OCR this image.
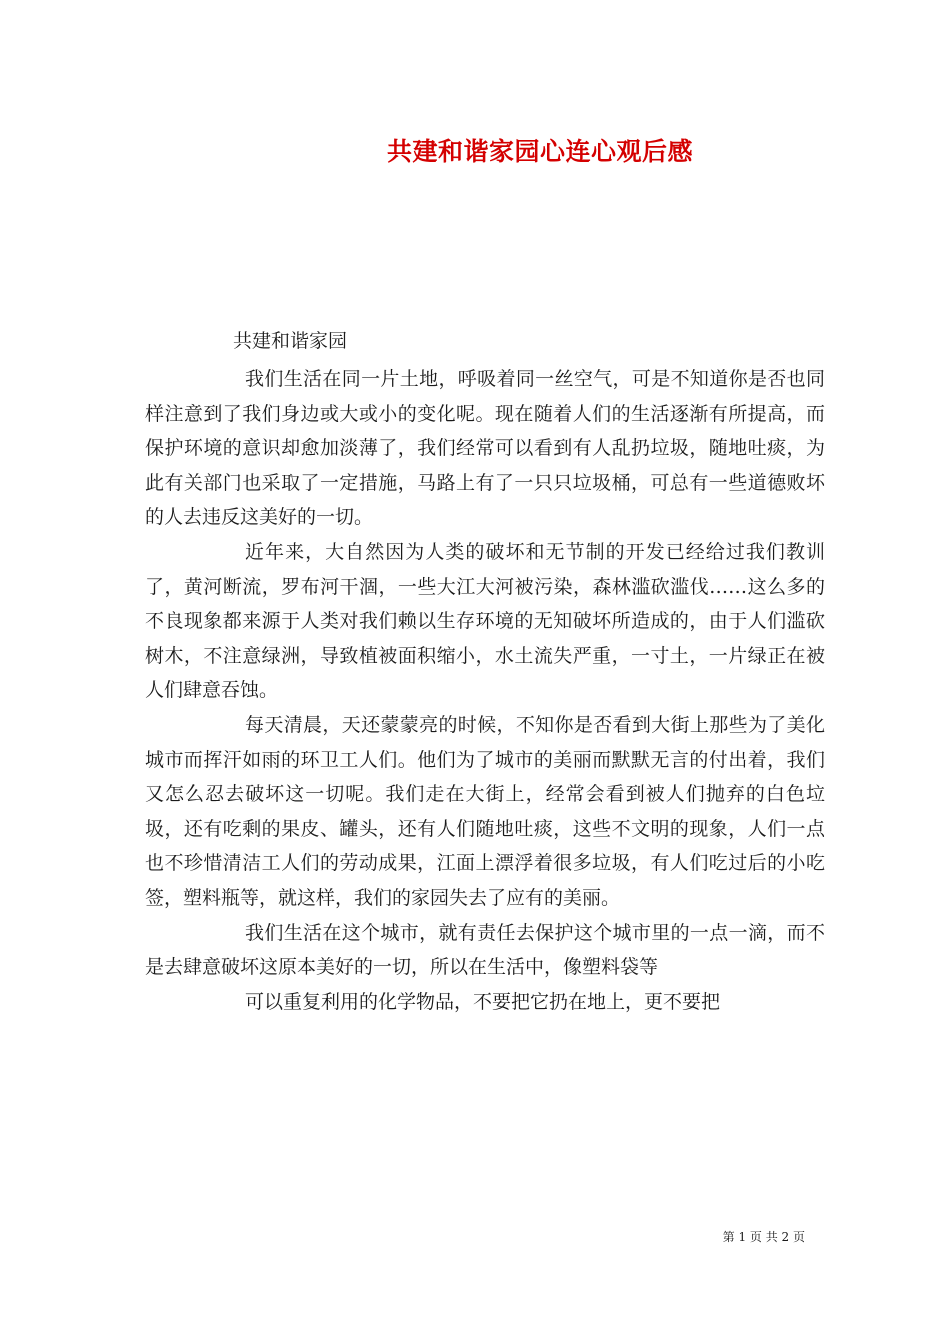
共建和谐家园心连心观后感

共建和谐家园

我们生活在同一片土地，呼吸着同一丝空气，可是不知道你是否也同样注意到了我们身边或大或小的变化呢。现在随着人们的生活逐渐有所提高，而保护环境的意识却愈加淡薄了，我们经常可以看到有人乱扔垃圾，随地吐痰，为此有关部门也采取了一定措施，马路上有了一只只垃圾桶，可总有一些道德败坏的人去违反这美好的一切。

近年来，大自然因为人类的破坏和无节制的开发已经给过我们教训了，黄河断流，罗布河干涸，一些大江大河被污染，森林滥砍滥伐……这么多的不良现象都来源于人类对我们赖以生存环境的无知破坏所造成的，由于人们滥砍树木，不注意绿洲，导致植被面积缩小，水土流失严重，一寸土，一片绿正在被人们肆意吞蚀。

每天清晨，天还蒙蒙亮的时候，不知你是否看到大街上那些为了美化城市而挥汗如雨的环卫工人们。他们为了城市的美丽而默默无言的付出着，我们又怎么忍去破坏这一切呢。我们走在大街上，经常会看到被人们抛弃的白色垃圾，还有吃剩的果皮、罐头，还有人们随地吐痰，这些不文明的现象，人们一点也不珍惜清洁工人们的劳动成果，江面上漂浮着很多垃圾，有人们吃过后的小吃签，塑料瓶等，就这样，我们的家园失去了应有的美丽。

我们生活在这个城市，就有责任去保护这个城市里的一点一滴，而不是去肆意破坏这原本美好的一切，所以在生活中，像塑料袋等

可以重复利用的化学物品，不要把它扔在地上，更不要把

第 1 页 共 2 页
